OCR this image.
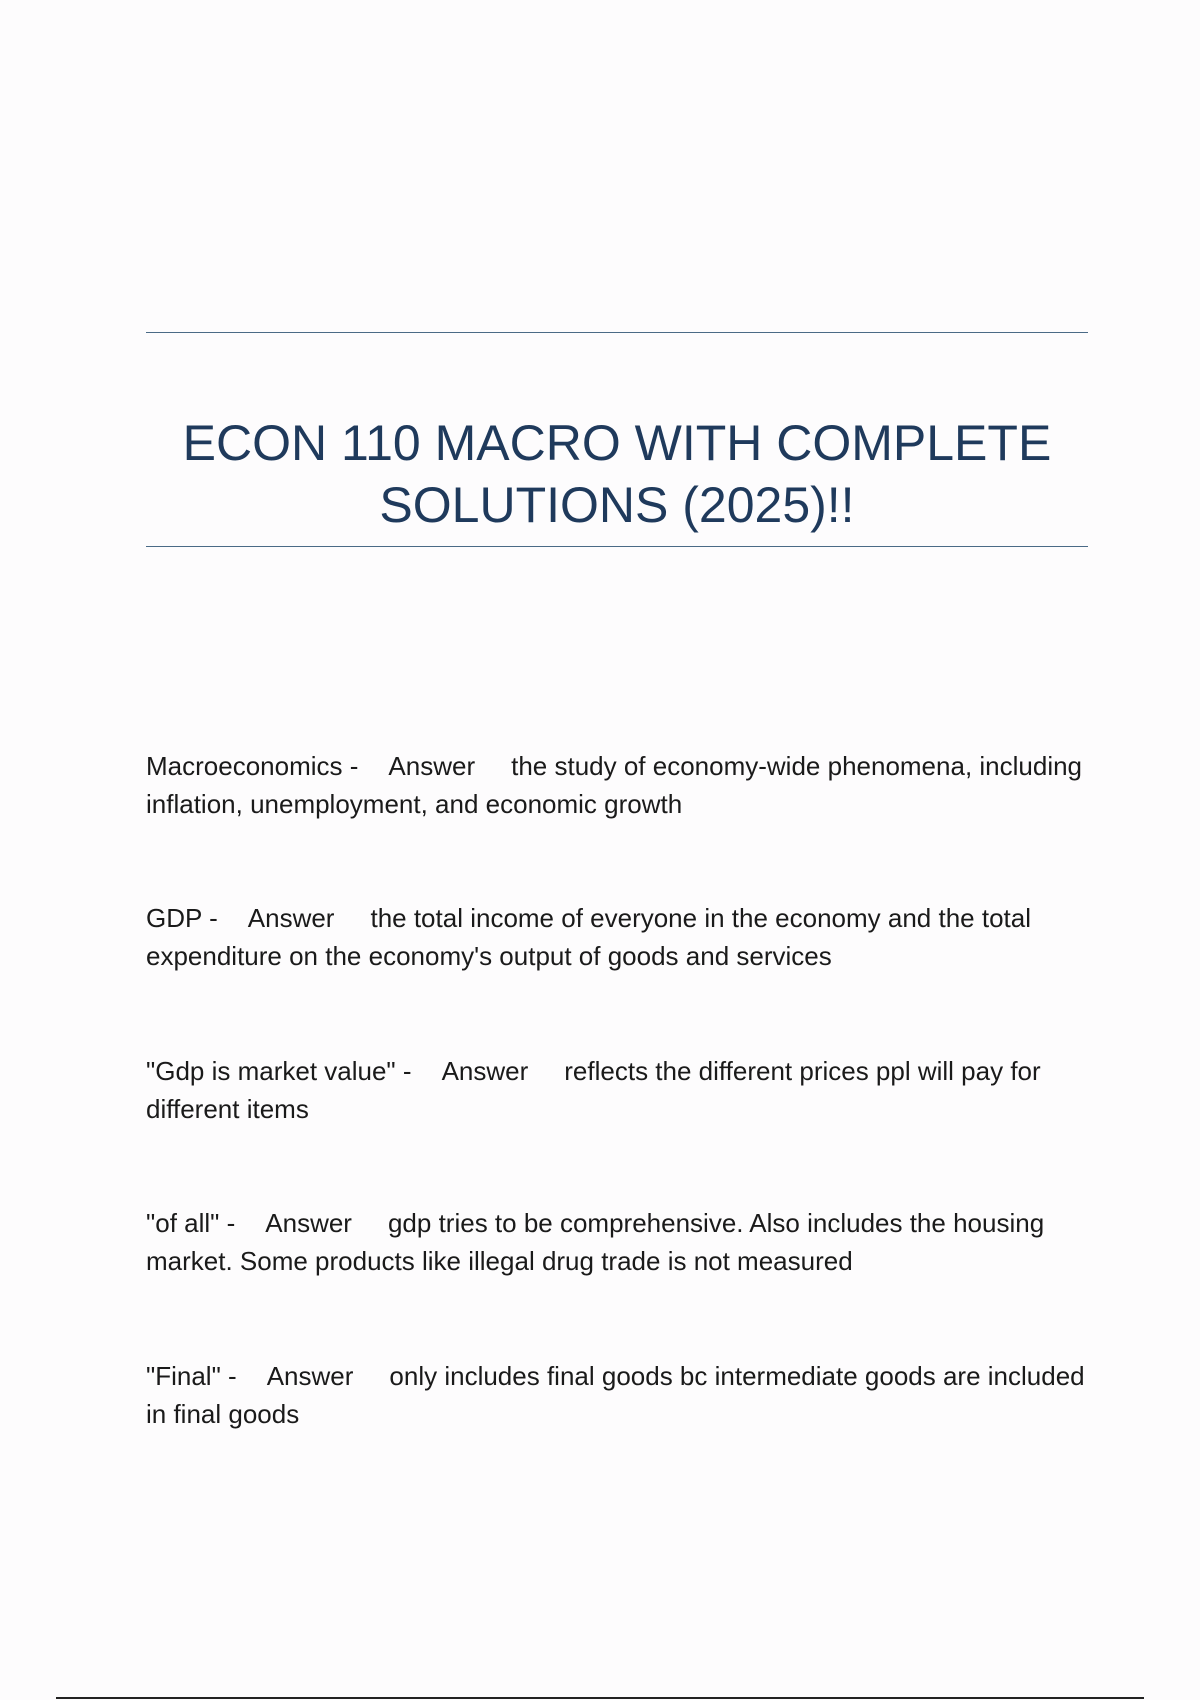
ECON 110 MACRO WITH COMPLETE SOLUTIONS (2025)!!

Macroeconomics - Answer the study of economy-wide phenomena, including inflation, unemployment, and economic growth

GDP - Answer the total income of everyone in the economy and the total expenditure on the economy's output of goods and services

"Gdp is market value" - Answer reflects the different prices ppl will pay for different items

"of all" - Answer gdp tries to be comprehensive. Also includes the housing market. Some products like illegal drug trade is not measured

"Final" - Answer only includes final goods bc intermediate goods are included in final goods
